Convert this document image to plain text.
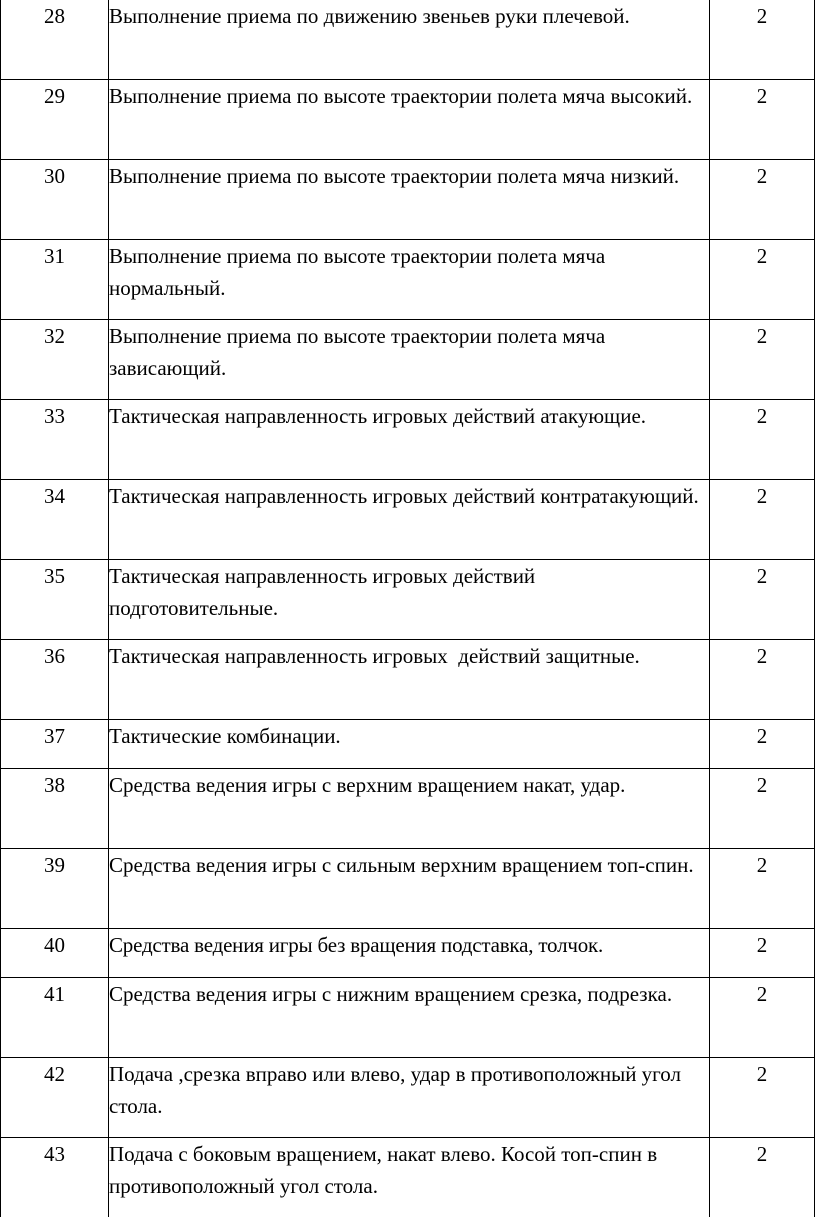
28	Выполнение приема по движению звеньев руки плечевой.	2
29	Выполнение приема по высоте траектории полета мяча высокий.	2
30	Выполнение приема по высоте траектории полета мяча низкий.	2
31	Выполнение приема по высоте траектории полета мяча нормальный.	2
32	Выполнение приема по высоте траектории полета мяча зависающий.	2
33	Тактическая направленность игровых действий атакующие.	2
34	Тактическая направленность игровых действий контратакующий.	2
35	Тактическая направленность игровых действий подготовительные.	2
36	Тактическая направленность игровых  действий защитные.	2
37	Тактические комбинации.	2
38	Средства ведения игры с верхним вращением накат, удар.	2
39	Средства ведения игры с сильным верхним вращением топ-спин.	2
40	Средства ведения игры без вращения подставка, толчок.	2
41	Средства ведения игры с нижним вращением срезка, подрезка.	2
42	Подача ,срезка вправо или влево, удар в противоположный угол стола.	2
43	Подача с боковым вращением, накат влево. Косой топ-спин в противоположный угол стола.	2
